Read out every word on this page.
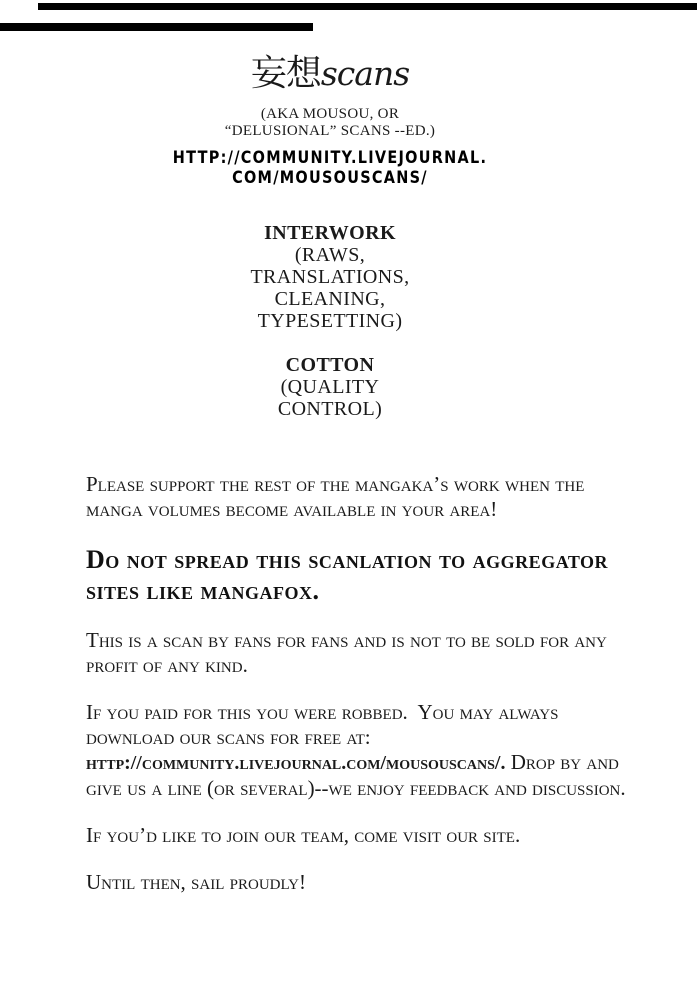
妄想 scans
(AKA MOUSOU, OR
“DELUSIONAL” SCANS --ED.)
HTTP://COMMUNITY.LIVEJOURNAL.
COM/MOUSOUSCANS/
INTERWORK
(RAWS,
TRANSLATIONS,
CLEANING,
TYPESETTING)
COTTON
(QUALITY
CONTROL)

Please support the rest of the mangaka’s work when the manga volumes become available in your area!

Do not spread this scanlation to aggregator sites like mangafox.

This is a scan by fans for fans and is not to be sold for any profit of any kind.

If you paid for this you were robbed.  You may always download our scans for free at: http://community.livejournal.com/mousouscans/. Drop by and give us a line (or several)--we enjoy feedback and discussion.

If you’d like to join our team, come visit our site.

Until then, sail proudly!
